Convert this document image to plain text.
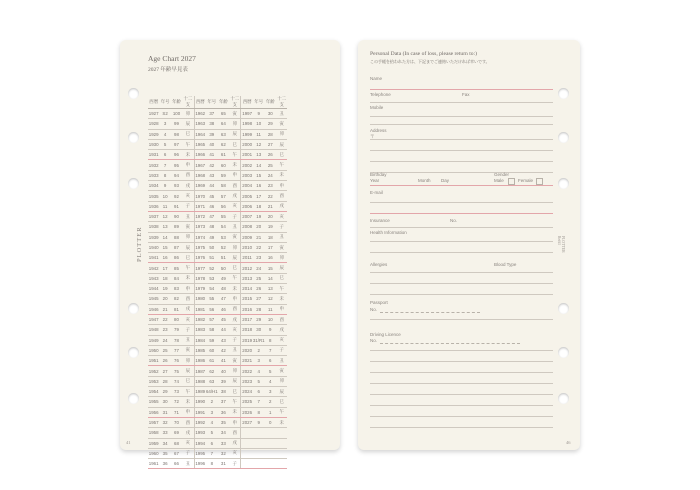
Age Chart 2027
2027 年齢早見表
PLOTTER
西暦	年号	年齢	十二支	西暦	年号	年齢	十二支	西暦	年号	年齢	十二支
1927	S2	100	卯	1962	37	65	寅	1997	9	30	丑
1928	3	99	辰	1963	38	64	卯	1998	10	29	寅
1929	4	98	巳	1964	39	63	辰	1999	11	28	卯
1930	5	97	午	1965	40	62	巳	2000	12	27	辰
1931	6	96	未	1966	41	61	午	2001	13	26	巳
1932	7	95	申	1967	42	60	未	2002	14	25	午
1933	8	94	酉	1968	43	59	申	2003	15	24	未
1934	9	93	戌	1969	44	58	酉	2004	16	23	申
1935	10	92	亥	1970	45	57	戌	2005	17	22	酉
1936	11	91	子	1971	46	56	亥	2006	18	21	戌
1937	12	90	丑	1972	47	55	子	2007	19	20	亥
1938	13	89	寅	1973	48	54	丑	2008	20	19	子
1939	14	88	卯	1974	49	53	寅	2009	21	18	丑
1940	15	87	辰	1975	50	52	卯	2010	22	17	寅
1941	16	86	巳	1976	51	51	辰	2011	23	16	卯
1942	17	85	午	1977	52	50	巳	2012	24	15	辰
1943	18	84	未	1978	53	49	午	2013	25	14	巳
1944	19	83	申	1979	54	48	未	2014	26	13	午
1945	20	82	酉	1980	55	47	申	2015	27	12	未
1946	21	81	戌	1981	56	46	酉	2016	28	11	申
1947	22	80	亥	1982	57	45	戌	2017	29	10	酉
1948	23	79	子	1983	58	44	亥	2018	30	9	戌
1949	24	78	丑	1984	59	43	子	2019	31/R1	8	亥
1950	25	77	寅	1985	60	42	丑	2020	2	7	子
1951	26	76	卯	1986	61	41	寅	2021	3	6	丑
1952	27	75	辰	1987	62	40	卯	2022	4	5	寅
1953	28	74	巳	1988	63	39	辰	2023	5	4	卯
1954	29	73	午	1989	64/H1	38	巳	2024	6	3	辰
1955	30	72	未	1990	2	37	午	2025	7	2	巳
1956	31	71	申	1991	3	36	未	2026	8	1	午
1957	32	70	酉	1992	4	35	申	2027	9	0	未
1958	33	69	戌	1993	5	34	酉				
1959	34	68	亥	1994	6	33	戌				
1960	35	67	子	1995	7	32	亥				
1961	36	66	丑	1996	8	31	子				
41
Personal Data (In case of loss, please return to:)
この手帳を拾われた方は、下記までご連絡いただければ幸いです。
Name
Telephone	Fax
Mobile
Address
〒
Birthday
Year	Month Day
Gender
Male	Female
E-mail
Insurance	No.
Health Information
Allergies	Blood Type
Passport
No.
Driving Licence
No.
PLOTTER Refill
46
